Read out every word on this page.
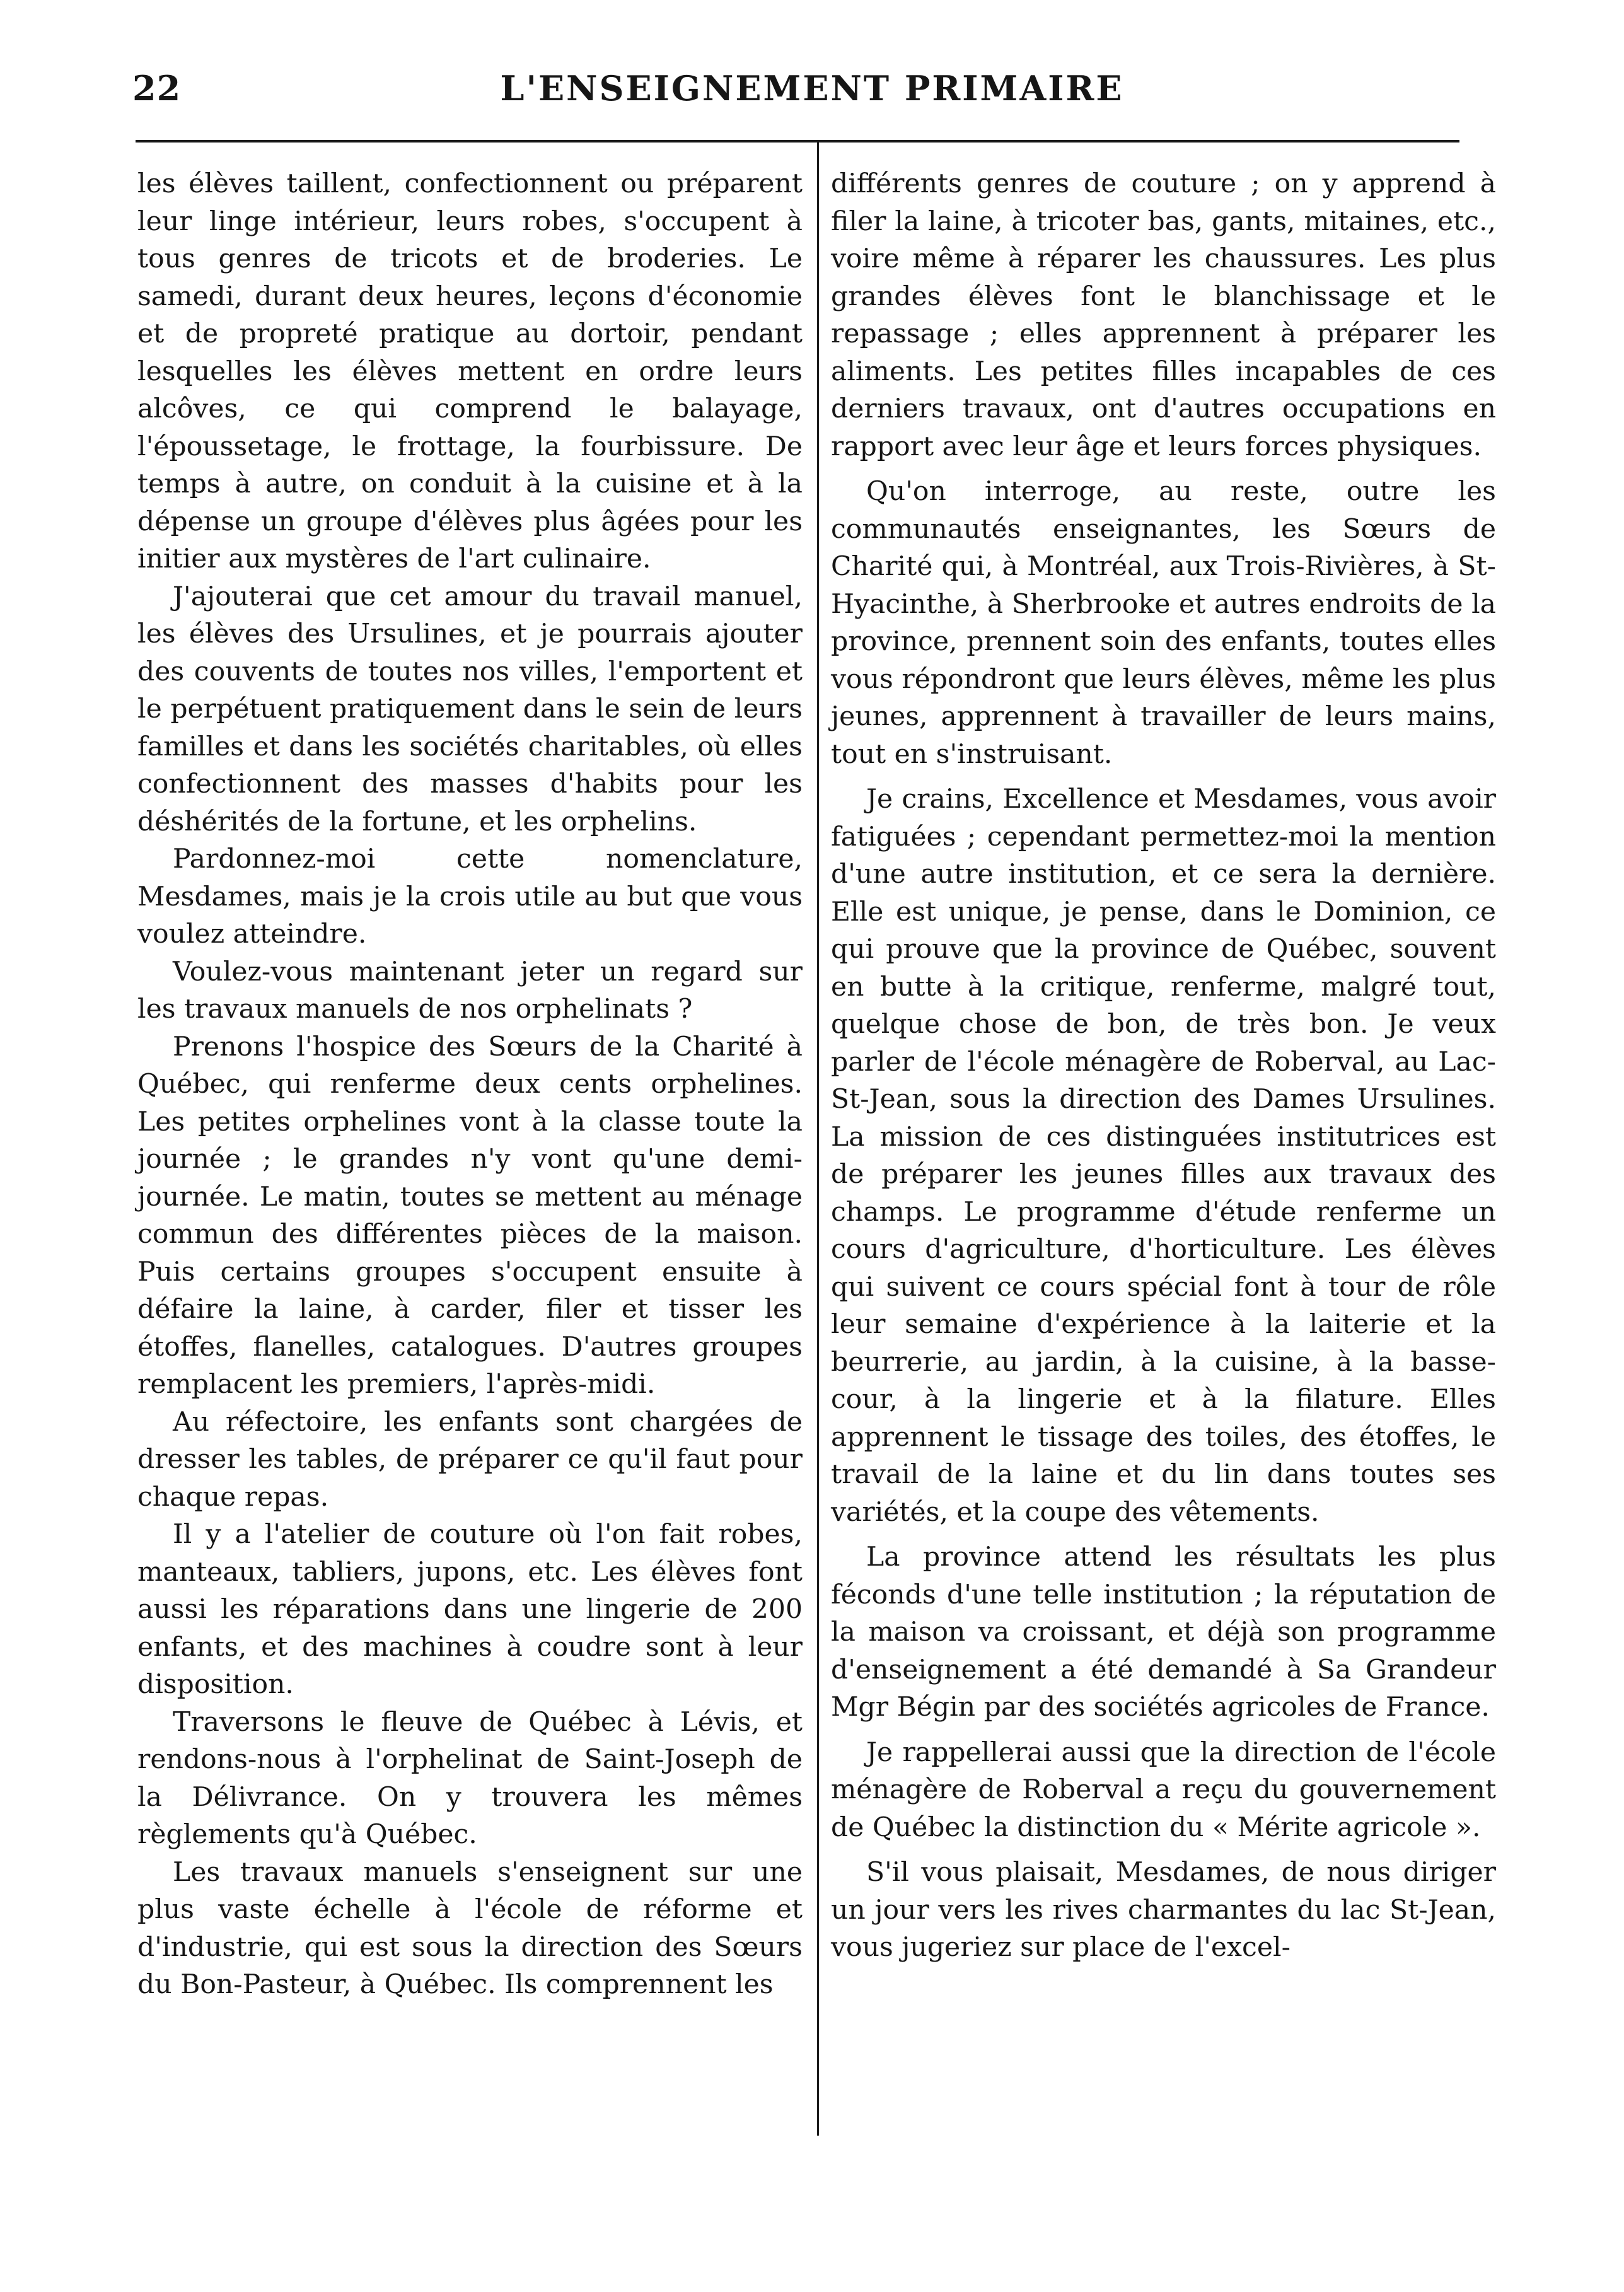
22	L'ENSEIGNEMENT PRIMAIRE

les élèves taillent, confectionnent ou préparent leur linge intérieur, leurs robes, s'occupent à tous genres de tricots et de broderies. Le samedi, durant deux heures, leçons d'économie et de propreté pratique au dortoir, pendant lesquelles les élèves mettent en ordre leurs alcôves, ce qui comprend le balayage, l'époussetage, le frottage, la fourbissure. De temps à autre, on conduit à la cuisine et à la dépense un groupe d'élèves plus âgées pour les initier aux mystères de l'art culinaire.

J'ajouterai que cet amour du travail manuel, les élèves des Ursulines, et je pourrais ajouter des couvents de toutes nos villes, l'emportent et le perpétuent pratiquement dans le sein de leurs familles et dans les sociétés charitables, où elles confectionnent des masses d'habits pour les déshérités de la fortune, et les orphelins.

Pardonnez-moi cette nomenclature, Mesdames, mais je la crois utile au but que vous voulez atteindre.

Voulez-vous maintenant jeter un regard sur les travaux manuels de nos orphelinats ?

Prenons l'hospice des Sœurs de la Charité à Québec, qui renferme deux cents orphelines. Les petites orphelines vont à la classe toute la journée ; le grandes n'y vont qu'une demi-journée. Le matin, toutes se mettent au ménage commun des différentes pièces de la maison. Puis certains groupes s'occupent ensuite à défaire la laine, à carder, filer et tisser les étoffes, flanelles, catalogues. D'autres groupes remplacent les premiers, l'après-midi.

Au réfectoire, les enfants sont chargées de dresser les tables, de préparer ce qu'il faut pour chaque repas.

Il y a l'atelier de couture où l'on fait robes, manteaux, tabliers, jupons, etc. Les élèves font aussi les réparations dans une lingerie de 200 enfants, et des machines à coudre sont à leur disposition.

Traversons le fleuve de Québec à Lévis, et rendons-nous à l'orphelinat de Saint-Joseph de la Délivrance. On y trouvera les mêmes règlements qu'à Québec.

Les travaux manuels s'enseignent sur une plus vaste échelle à l'école de réforme et d'industrie, qui est sous la direction des Sœurs du Bon-Pasteur, à Québec. Ils comprennent les

différents genres de couture ; on y apprend à filer la laine, à tricoter bas, gants, mitaines, etc., voire même à réparer les chaussures. Les plus grandes élèves font le blanchissage et le repassage ; elles apprennent à préparer les aliments. Les petites filles incapables de ces derniers travaux, ont d'autres occupations en rapport avec leur âge et leurs forces physiques.

Qu'on interroge, au reste, outre les communautés enseignantes, les Sœurs de Charité qui, à Montréal, aux Trois-Rivières, à St-Hyacinthe, à Sherbrooke et autres endroits de la province, prennent soin des enfants, toutes elles vous répondront que leurs élèves, même les plus jeunes, apprennent à travailler de leurs mains, tout en s'instruisant.

Je crains, Excellence et Mesdames, vous avoir fatiguées ; cependant permettez-moi la mention d'une autre institution, et ce sera la dernière. Elle est unique, je pense, dans le Dominion, ce qui prouve que la province de Québec, souvent en butte à la critique, renferme, malgré tout, quelque chose de bon, de très bon. Je veux parler de l'école ménagère de Roberval, au Lac-St-Jean, sous la direction des Dames Ursulines. La mission de ces distinguées institutrices est de préparer les jeunes filles aux travaux des champs. Le programme d'étude renferme un cours d'agriculture, d'horticulture. Les élèves qui suivent ce cours spécial font à tour de rôle leur semaine d'expérience à la laiterie et la beurrerie, au jardin, à la cuisine, à la basse-cour, à la lingerie et à la filature. Elles apprennent le tissage des toiles, des étoffes, le travail de la laine et du lin dans toutes ses variétés, et la coupe des vêtements.

La province attend les résultats les plus féconds d'une telle institution ; la réputation de la maison va croissant, et déjà son programme d'enseignement a été demandé à Sa Grandeur Mgr Bégin par des sociétés agricoles de France.

Je rappellerai aussi que la direction de l'école ménagère de Roberval a reçu du gouvernement de Québec la distinction du « Mérite agricole ».

S'il vous plaisait, Mesdames, de nous diriger un jour vers les rives charmantes du lac St-Jean, vous jugeriez sur place de l'excel-
